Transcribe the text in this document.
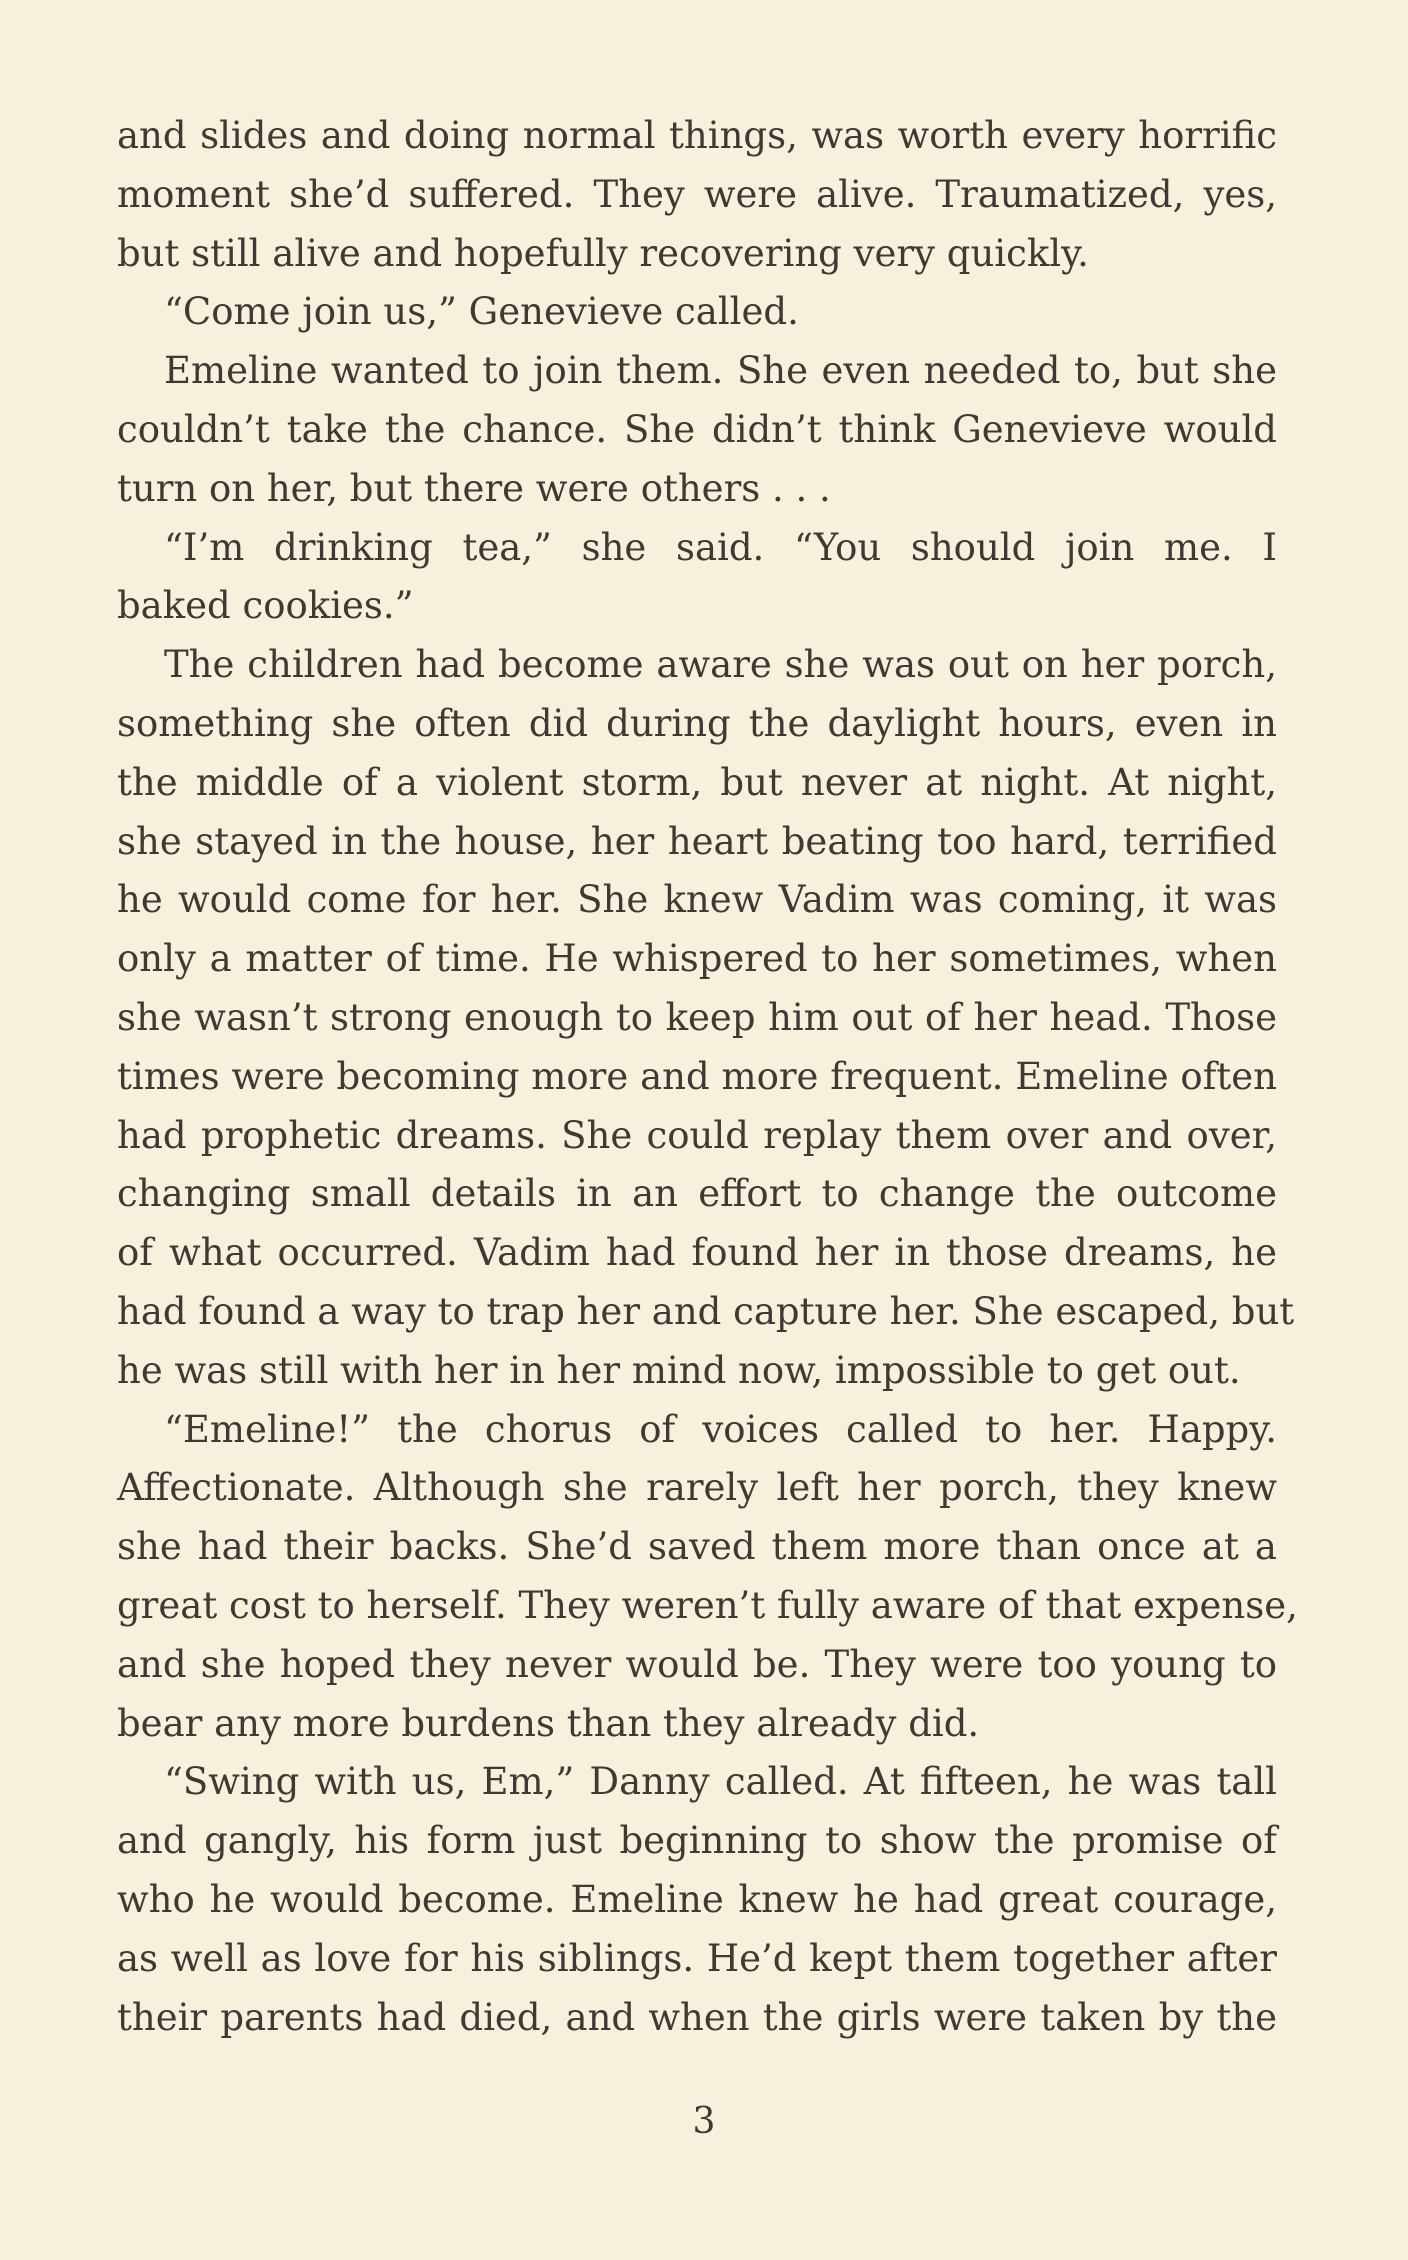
and slides and doing normal things, was worth every horrific
moment she’d suffered. They were alive. Traumatized, yes,
but still alive and hopefully recovering very quickly.
“Come join us,” Genevieve called.
Emeline wanted to join them. She even needed to, but she
couldn’t take the chance. She didn’t think Genevieve would
turn on her, but there were others . . .
“I’m drinking tea,” she said. “You should join me. I
baked cookies.”
The children had become aware she was out on her porch,
something she often did during the daylight hours, even in
the middle of a violent storm, but never at night. At night,
she stayed in the house, her heart beating too hard, terrified
he would come for her. She knew Vadim was coming, it was
only a matter of time. He whispered to her sometimes, when
she wasn’t strong enough to keep him out of her head. Those
times were becoming more and more frequent. Emeline often
had prophetic dreams. She could replay them over and over,
changing small details in an effort to change the outcome
of what occurred. Vadim had found her in those dreams, he
had found a way to trap her and capture her. She escaped, but
he was still with her in her mind now, impossible to get out.
“Emeline!” the chorus of voices called to her. Happy.
Affectionate. Although she rarely left her porch, they knew
she had their backs. She’d saved them more than once at a
great cost to herself. They weren’t fully aware of that expense,
and she hoped they never would be. They were too young to
bear any more burdens than they already did.
“Swing with us, Em,” Danny called. At fifteen, he was tall
and gangly, his form just beginning to show the promise of
who he would become. Emeline knew he had great courage,
as well as love for his siblings. He’d kept them together after
their parents had died, and when the girls were taken by the
3
